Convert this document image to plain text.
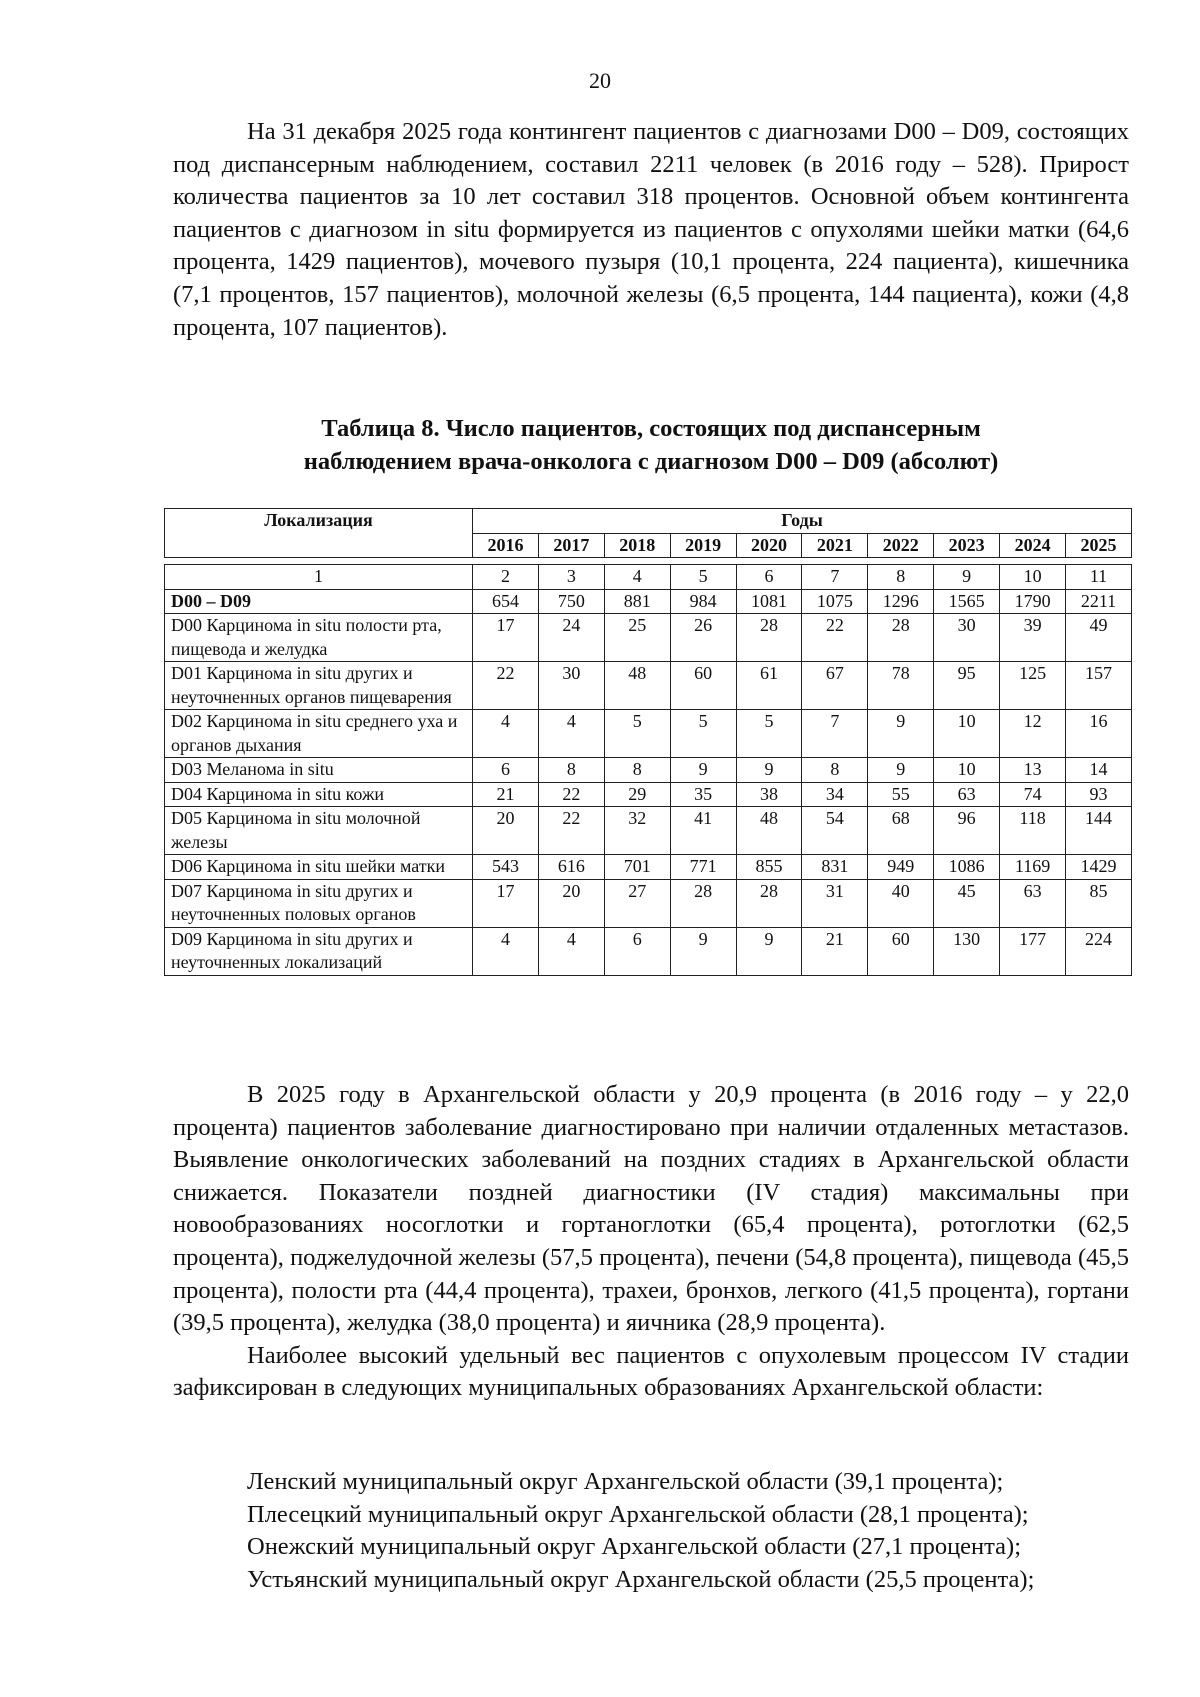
20

На 31 декабря 2025 года контингент пациентов с диагнозами D00 – D09, состоящих под диспансерным наблюдением, составил 2211 человек (в 2016 году – 528). Прирост количества пациентов за 10 лет составил 318 процентов. Основной объем контингента пациентов с диагнозом in situ формируется из пациентов с опухолями шейки матки (64,6 процента, 1429 пациентов), мочевого пузыря (10,1 процента, 224 пациента), кишечника (7,1 процентов, 157 пациентов), молочной железы (6,5 процента, 144 пациента), кожи (4,8 процента, 107 пациентов).

Таблица 8. Число пациентов, состоящих под диспансерным
наблюдением врача-онколога с диагнозом D00 – D09 (абсолют)
Локализация	Годы									
	2016	2017	2018	2019	2020	2021	2022	2023	2024	2025

1	2	3	4	5	6	7	8	9	10	11
D00 – D09	654	750	881	984	1081	1075	1296	1565	1790	2211
D00 Карцинома in situ полости рта, пищевода и желудка	17	24	25	26	28	22	28	30	39	49
D01 Карцинома in situ других и неуточненных органов пищеварения	22	30	48	60	61	67	78	95	125	157
D02 Карцинома in situ среднего уха и органов дыхания	4	4	5	5	5	7	9	10	12	16
D03 Меланома in situ	6	8	8	9	9	8	9	10	13	14
D04 Карцинома in situ кожи	21	22	29	35	38	34	55	63	74	93
D05 Карцинома in situ молочной железы	20	22	32	41	48	54	68	96	118	144
D06 Карцинома in situ шейки матки	543	616	701	771	855	831	949	1086	1169	1429
D07 Карцинома in situ других и неуточненных половых органов	17	20	27	28	28	31	40	45	63	85
D09 Карцинома in situ других и неуточненных локализаций	4	4	6	9	9	21	60	130	177	224

В 2025 году в Архангельской области у 20,9 процента (в 2016 году – у 22,0 процента) пациентов заболевание диагностировано при наличии отдаленных метастазов. Выявление онкологических заболеваний на поздних стадиях в Архангельской области снижается. Показатели поздней диагностики (IV стадия) максимальны при новообразованиях носоглотки и гортаноглотки (65,4 процента), ротоглотки (62,5 процента), поджелудочной железы (57,5 процента), печени (54,8 процента), пищевода (45,5 процента), полости рта (44,4 процента), трахеи, бронхов, легкого (41,5 процента), гортани (39,5 процента), желудка (38,0 процента) и яичника (28,9 процента).

Наиболее высокий удельный вес пациентов с опухолевым процессом IV стадии зафиксирован в следующих муниципальных образованиях Архангельской области:

Ленский муниципальный округ Архангельской области (39,1 процента);
Плесецкий муниципальный округ Архангельской области (28,1 процента);
Онежский муниципальный округ Архангельской области (27,1 процента);
Устьянский муниципальный округ Архангельской области (25,5 процента);
